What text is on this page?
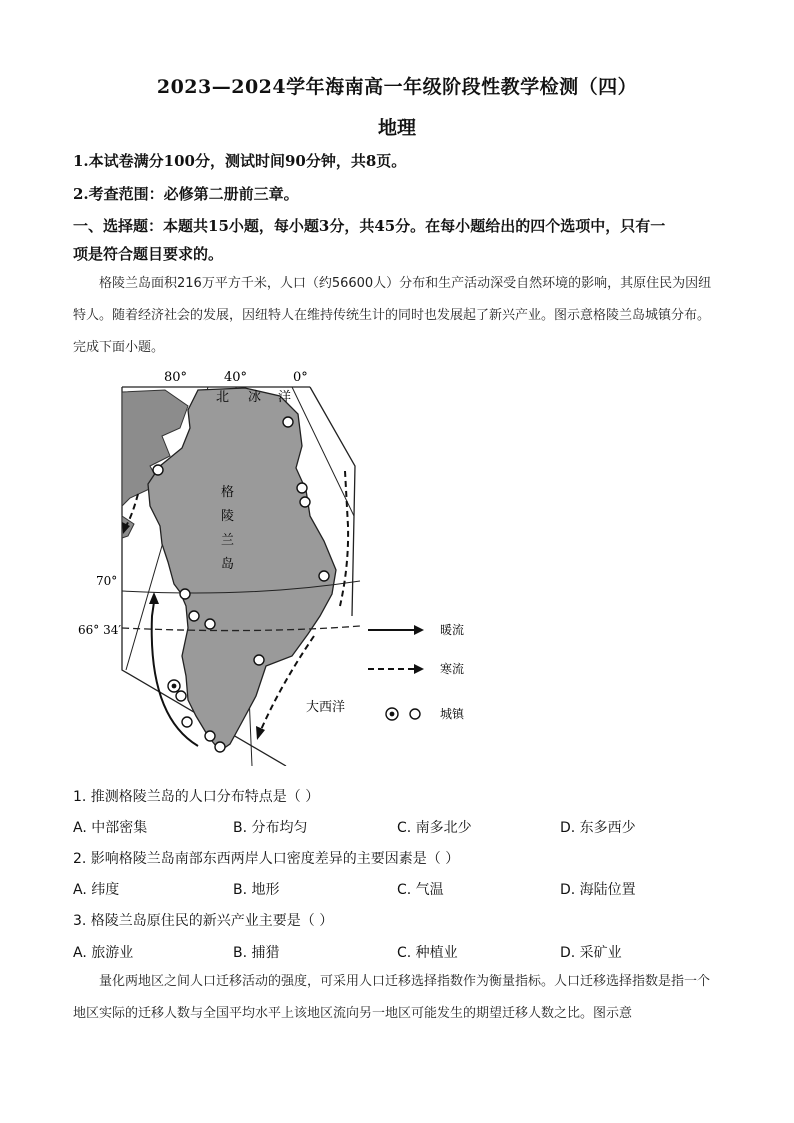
2023—2024学年海南高一年级阶段性教学检测（四）
地理
1.本试卷满分100分，测试时间90分钟，共8页。
2.考查范围：必修第二册前三章。
一、选择题：本题共15小题，每小题3分，共45分。在每小题给出的四个选项中，只有一
项是符合题目要求的。
格陵兰岛面积216万平方千米，人口（约56600人）分布和生产活动深受自然环境的影响，其原住民为因纽特人。随着经济社会的发展，因纽特人在维持传统生计的同时也发展起了新兴产业。图示意格陵兰岛城镇分布。完成下面小题。
80°	40°	0°
北 冰 洋
格
陵
兰
岛
70°
66° 34′
大西洋
暖流
寒流
城镇
1. 推测格陵兰岛的人口分布特点是（ ）
A. 中部密集	B. 分布均匀	C. 南多北少	D. 东多西少
2. 影响格陵兰岛南部东西两岸人口密度差异的主要因素是（ ）
A. 纬度	B. 地形	C. 气温	D. 海陆位置
3. 格陵兰岛原住民的新兴产业主要是（ ）
A. 旅游业	B. 捕猎	C. 种植业	D. 采矿业
量化两地区之间人口迁移活动的强度，可采用人口迁移选择指数作为衡量指标。人口迁移选择指数是指一个地区实际的迁移人数与全国平均水平上该地区流向另一地区可能发生的期望迁移人数之比。图示意
